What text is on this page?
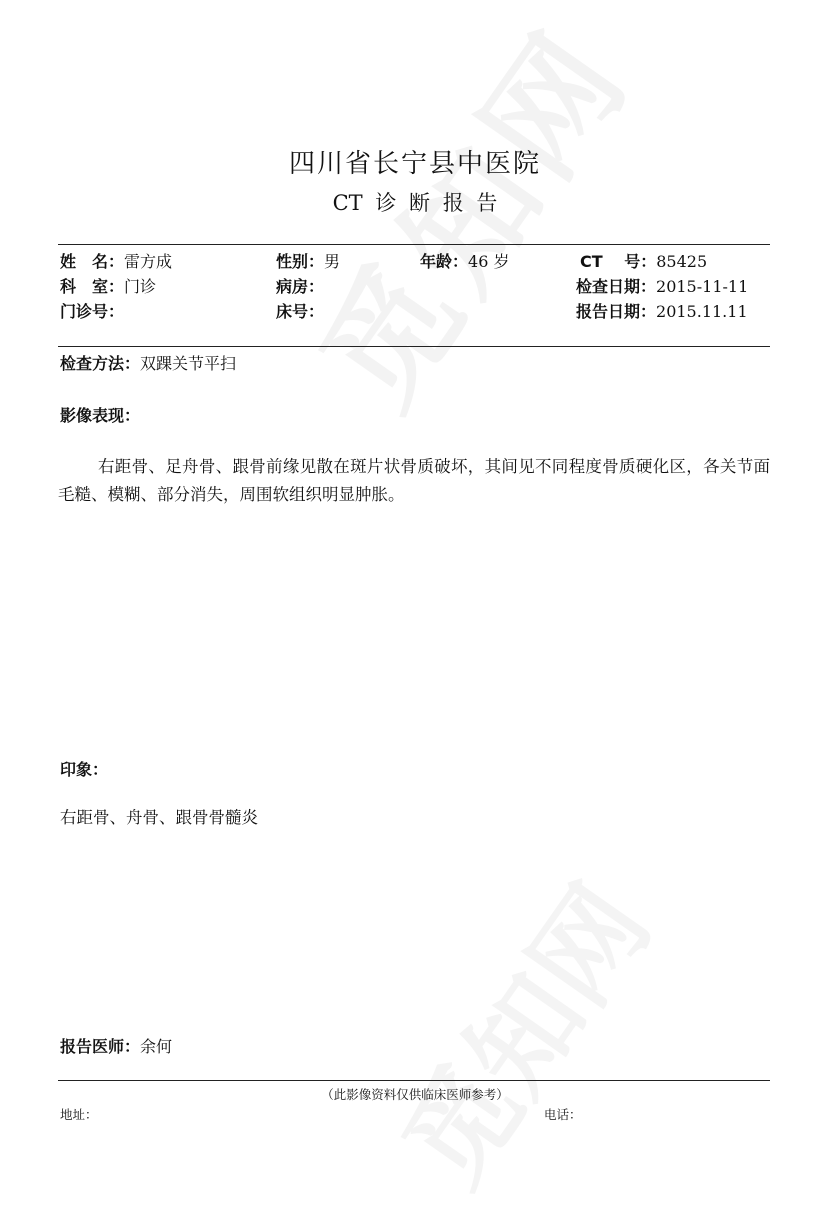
四川省长宁县中医院
CT 诊 断 报 告
姓　名：雷方成	性别：男	年龄：46 岁	CT　 号：85425
科　室：门诊	病房：	检查日期：2015-11-11
门诊号：	床号：	报告日期：2015.11.11
检查方法：双踝关节平扫
影像表现：
右距骨、足舟骨、跟骨前缘见散在斑片状骨质破坏，其间见不同程度骨质硬化区，各关节面毛糙、模糊、部分消失，周围软组织明显肿胀。
印象：
右距骨、舟骨、跟骨骨髓炎
报告医师：余何
（此影像资料仅供临床医师参考）
地址：	电话：
